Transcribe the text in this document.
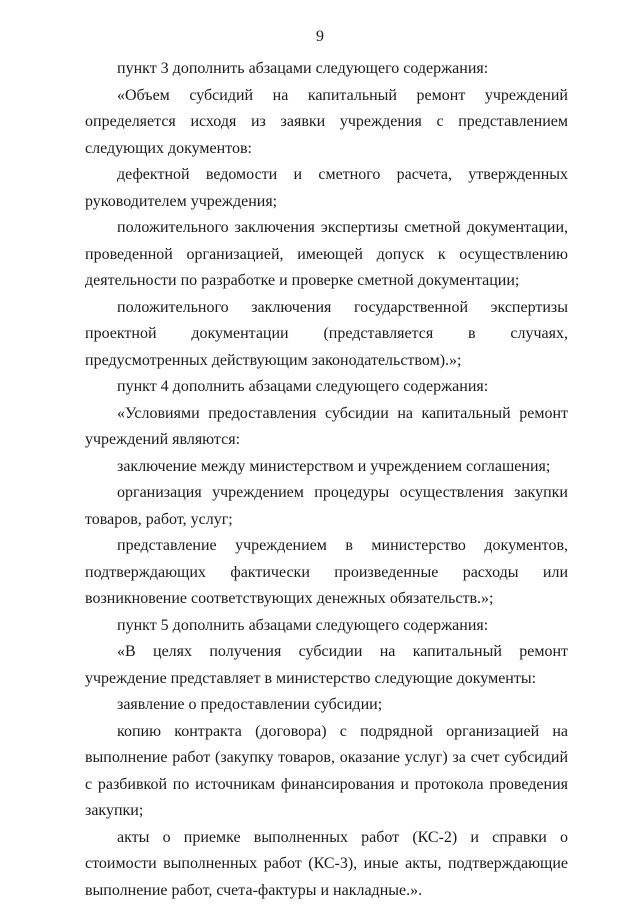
9

пункт 3 дополнить абзацами следующего содержания:

«Объем субсидий на капитальный ремонт учреждений определяется исходя из заявки учреждения с представлением следующих документов:

дефектной ведомости и сметного расчета, утвержденных руководителем учреждения;

положительного заключения экспертизы сметной документации, проведенной организацией, имеющей допуск к осуществлению деятельности по разработке и проверке сметной документации;

положительного заключения государственной экспертизы проектной документации (представляется в случаях, предусмотренных действующим законодательством).»;

пункт 4 дополнить абзацами следующего содержания:

«Условиями предоставления субсидии на капитальный ремонт учреждений являются:

заключение между министерством и учреждением соглашения;

организация учреждением процедуры осуществления закупки товаров, работ, услуг;

представление учреждением в министерство документов, подтверждающих фактически произведенные расходы или возникновение соответствующих денежных обязательств.»;

пункт 5 дополнить абзацами следующего содержания:

«В целях получения субсидии на капитальный ремонт учреждение представляет в министерство следующие документы:

заявление о предоставлении субсидии;

копию контракта (договора) с подрядной организацией на выполнение работ (закупку товаров, оказание услуг) за счет субсидий с разбивкой по источникам финансирования и протокола проведения закупки;

акты о приемке выполненных работ (КС-2) и справки о стоимости выполненных работ (КС-3), иные акты, подтверждающие выполнение работ, счета-фактуры и накладные.».
